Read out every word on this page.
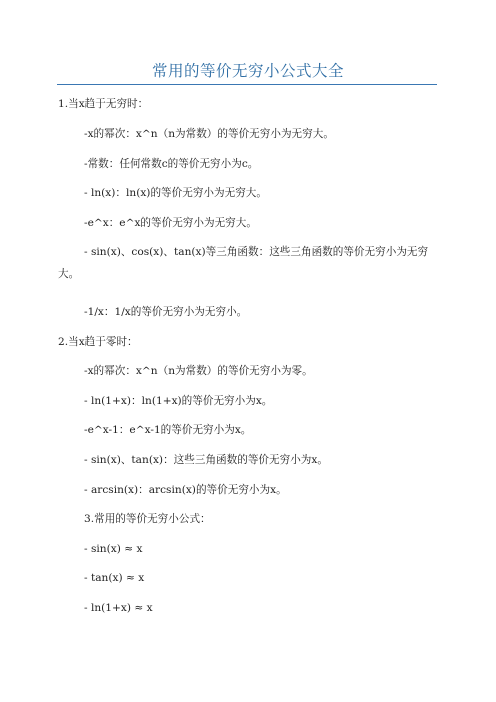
常用的等价无穷小公式大全
1.当x趋于无穷时：
-x的幂次：x^n（n为常数）的等价无穷小为无穷大。
-常数：任何常数c的等价无穷小为c。
- ln(x)：ln(x)的等价无穷小为无穷大。
-e^x：e^x的等价无穷小为无穷大。
- sin(x)、cos(x)、tan(x)等三角函数：这些三角函数的等价无穷小为无穷大。
-1/x：1/x的等价无穷小为无穷小。
2.当x趋于零时：
-x的幂次：x^n（n为常数）的等价无穷小为零。
- ln(1+x)：ln(1+x)的等价无穷小为x。
-e^x-1：e^x-1的等价无穷小为x。
- sin(x)、tan(x)：这些三角函数的等价无穷小为x。
- arcsin(x)：arcsin(x)的等价无穷小为x。
3.常用的等价无穷小公式：
- sin(x) ≈ x
- tan(x) ≈ x
- ln(1+x) ≈ x
